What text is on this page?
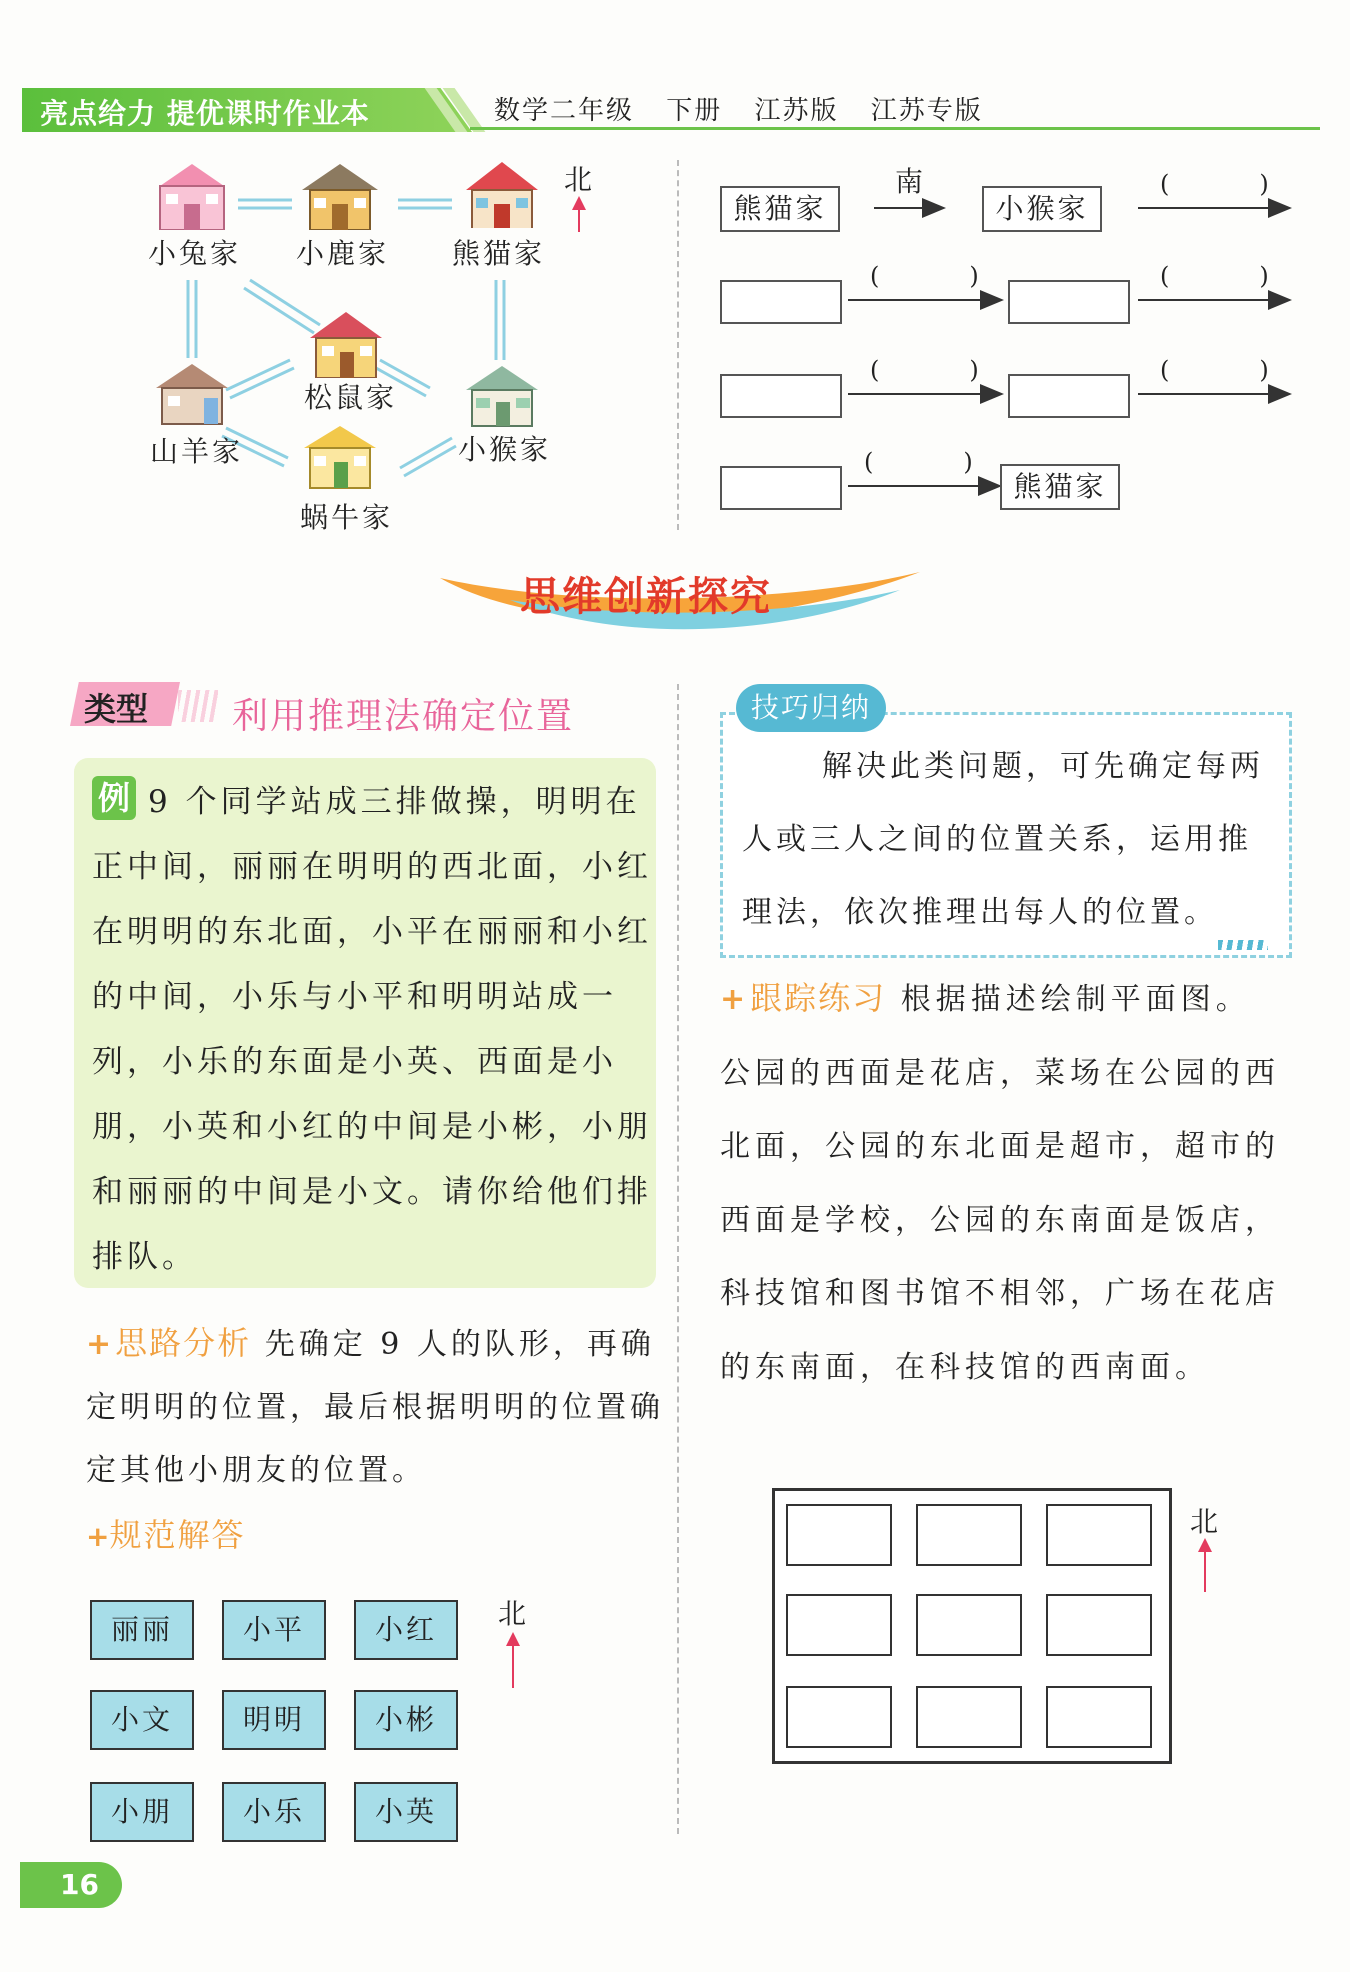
亮点给力 提优课时作业本	数学二年级 下册 江苏版 江苏专版
小兔家 小鹿家 熊猫家
松鼠家
山羊家	小猴家
蜗牛家
北
熊猫家
南
小猴家
(	)
(	)	(	)
(	)	(	)
(	)
熊猫家
思维创新探究
类型 利用推理法确定位置
9 个同学站成三排做操，明明在正中间，丽丽在明明的西北面，小红在明明的东北面，小平在丽丽和小红的中间，小乐与小平和明明站成一列，小乐的东面是小英、西面是小朋，小英和小红的中间是小彬，小朋和丽丽的中间是小文。请你给他们排排队。
例
+思路分析 先确定 9 人的队形，再确定明明的位置，最后根据明明的位置确定其他小朋友的位置。
+规范解答
丽丽	小平	小红
小文	明明	小彬
小朋	小乐	小英
北
技巧归纳
解决此类问题，可先确定每两人或三人之间的位置关系，运用推理法，依次推理出每人的位置。
+跟踪练习 根据描述绘制平面图。
公园的西面是花店，菜场在公园的西北面，公园的东北面是超市，超市的西面是学校，公园的东南面是饭店，科技馆和图书馆不相邻，广场在花店的东南面，在科技馆的西南面。
北
16
